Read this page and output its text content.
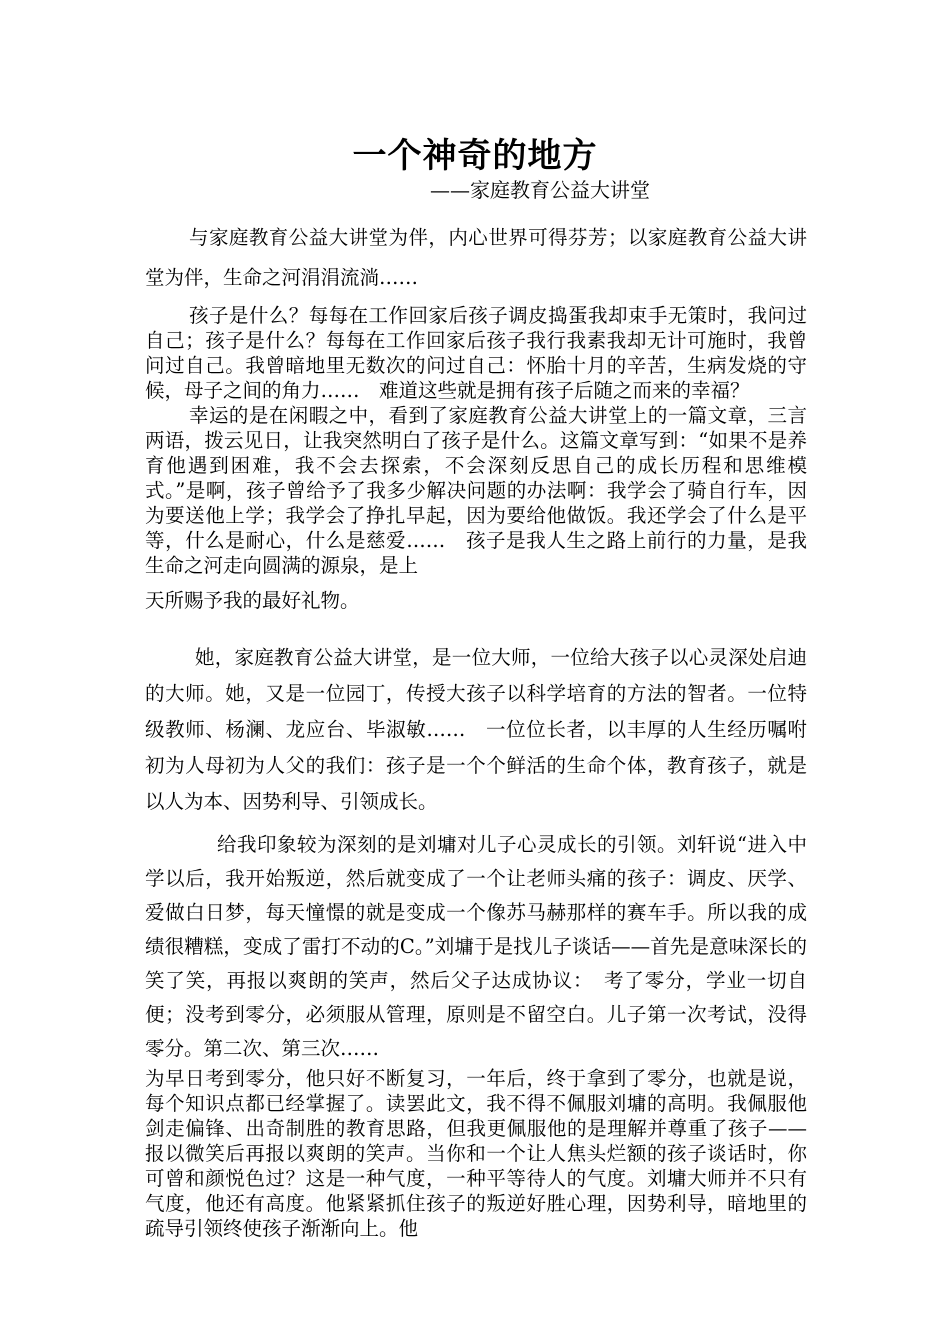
一个神奇的地方
——家庭教育公益大讲堂

与家庭教育公益大讲堂为伴，内心世界可得芬芳；以家庭教育公益大讲堂为伴，生命之河涓涓流淌……

孩子是什么？每每在工作回家后孩子调皮捣蛋我却束手无策时，我问过自己；孩子是什么？每每在工作回家后孩子我行我素我却无计可施时，我曾问过自己。我曾暗地里无数次的问过自己：怀胎十月的辛苦，生病发烧的守候，母子之间的角力……　难道这些就是拥有孩子后随之而来的幸福？

幸运的是在闲暇之中，看到了家庭教育公益大讲堂上的一篇文章，三言两语，拨云见日，让我突然明白了孩子是什么。这篇文章写到：“如果不是养育他遇到困难，我不会去探索，不会深刻反思自己的成长历程和思维模式。”是啊，孩子曾给予了我多少解决问题的办法啊：我学会了骑自行车，因为要送他上学；我学会了挣扎早起，因为要给他做饭。我还学会了什么是平等，什么是耐心，什么是慈爱……　孩子是我人生之路上前行的力量，是我生命之河走向圆满的源泉，是上
天所赐予我的最好礼物。

她，家庭教育公益大讲堂，是一位大师，一位给大孩子以心灵深处启迪的大师。她，又是一位园丁，传授大孩子以科学培育的方法的智者。一位特级教师、杨澜、龙应台、毕淑敏……　一位位长者，以丰厚的人生经历嘱咐初为人母初为人父的我们：孩子是一个个鲜活的生命个体，教育孩子，就是以人为本、因势利导、引领成长。

给我印象较为深刻的是刘墉对儿子心灵成长的引领。刘轩说“进入中学以后，我开始叛逆，然后就变成了一个让老师头痛的孩子：调皮、厌学、爱做白日梦，每天憧憬的就是变成一个像苏马赫那样的赛车手。所以我的成绩很糟糕，变成了雷打不动的C。”刘墉于是找儿子谈话——首先是意味深长的笑了笑，再报以爽朗的笑声，然后父子达成协议：　考了零分，学业一切自便；没考到零分，必须服从管理，原则是不留空白。儿子第一次考试，没得零分。第二次、第三次……

为早日考到零分，他只好不断复习，一年后，终于拿到了零分，也就是说，每个知识点都已经掌握了。读罢此文，我不得不佩服刘墉的高明。我佩服他剑走偏锋、出奇制胜的教育思路，但我更佩服他的是理解并尊重了孩子——报以微笑后再报以爽朗的笑声。当你和一个让人焦头烂额的孩子谈话时，你可曾和颜悦色过？这是一种气度，一种平等待人的气度。刘墉大师并不只有气度，他还有高度。他紧紧抓住孩子的叛逆好胜心理，因势利导，暗地里的疏导引领终使孩子渐渐向上。他
